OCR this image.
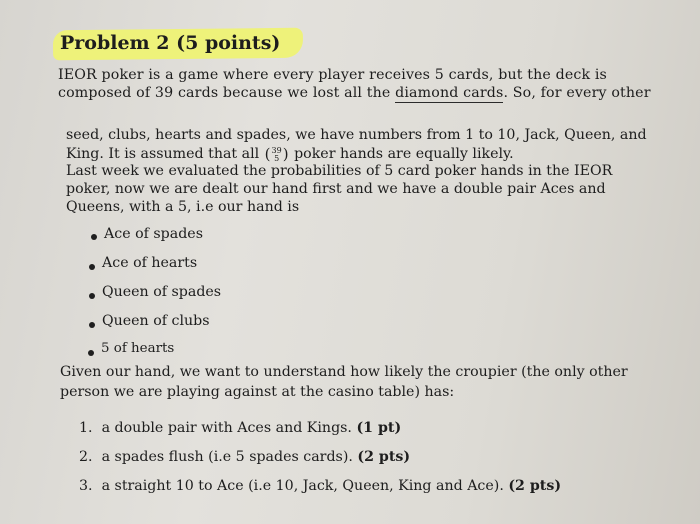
Problem 2 (5 points)
IEOR poker is a game where every player receives 5 cards, but the deck is
composed of 39 cards because we lost all the diamond cards. So, for every other
seed, clubs, hearts and spades, we have numbers from 1 to 10, Jack, Queen, and
King. It is assumed that all (39
5 ) poker hands are equally likely.
Last week we evaluated the probabilities of 5 card poker hands in the IEOR
poker, now we are dealt our hand first and we have a double pair Aces and
Queens, with a 5, i.e our hand is
Ace of spades
Ace of hearts
Queen of spades
Queen of clubs
5 of hearts
Given our hand, we want to understand how likely the croupier (the only other
person we are playing against at the casino table) has:
1. a double pair with Aces and Kings. (1 pt)
2. a spades flush (i.e 5 spades cards). (2 pts)
3. a straight 10 to Ace (i.e 10, Jack, Queen, King and Ace). (2 pts)
